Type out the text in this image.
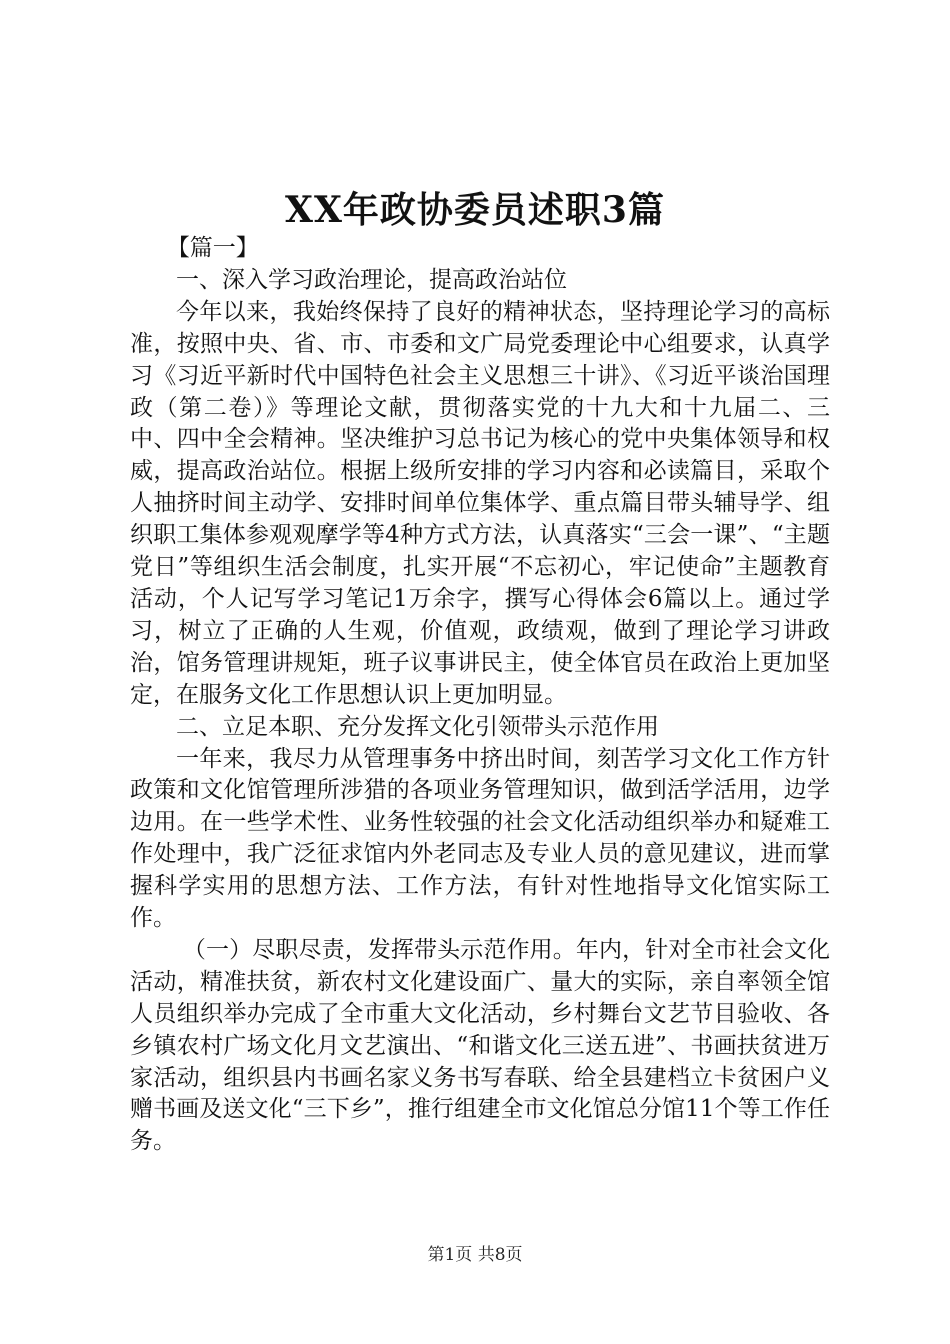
XX年政协委员述职3篇

【篇一】

一、深入学习政治理论，提高政治站位

今年以来，我始终保持了良好的精神状态，坚持理论学习的高标准，按照中央、省、市、市委和文广局党委理论中心组要求，认真学习《习近平新时代中国特色社会主义思想三十讲》、《习近平谈治国理政（第二卷）》等理论文献，贯彻落实党的十九大和十九届二、三中、四中全会精神。坚决维护习总书记为核心的党中央集体领导和权威，提高政治站位。根据上级所安排的学习内容和必读篇目，采取个人抽挤时间主动学、安排时间单位集体学、重点篇目带头辅导学、组织职工集体参观观摩学等4种方式方法，认真落实“三会一课”、“主题党日”等组织生活会制度，扎实开展“不忘初心，牢记使命”主题教育活动，个人记写学习笔记1万余字，撰写心得体会6篇以上。通过学习，树立了正确的人生观，价值观，政绩观，做到了理论学习讲政治，馆务管理讲规矩，班子议事讲民主，使全体官员在政治上更加坚定，在服务文化工作思想认识上更加明显。

二、立足本职、充分发挥文化引领带头示范作用

一年来，我尽力从管理事务中挤出时间，刻苦学习文化工作方针政策和文化馆管理所涉猎的各项业务管理知识，做到活学活用，边学边用。在一些学术性、业务性较强的社会文化活动组织举办和疑难工作处理中，我广泛征求馆内外老同志及专业人员的意见建议，进而掌握科学实用的思想方法、工作方法，有针对性地指导文化馆实际工作。

（一）尽职尽责，发挥带头示范作用。年内，针对全市社会文化活动，精准扶贫，新农村文化建设面广、量大的实际，亲自率领全馆人员组织举办完成了全市重大文化活动，乡村舞台文艺节目验收、各乡镇农村广场文化月文艺演出、“和谐文化三送五进”、书画扶贫进万家活动，组织县内书画名家义务书写春联、给全县建档立卡贫困户义赠书画及送文化“三下乡”，推行组建全市文化馆总分馆11个等工作任务。

第1页 共8页
